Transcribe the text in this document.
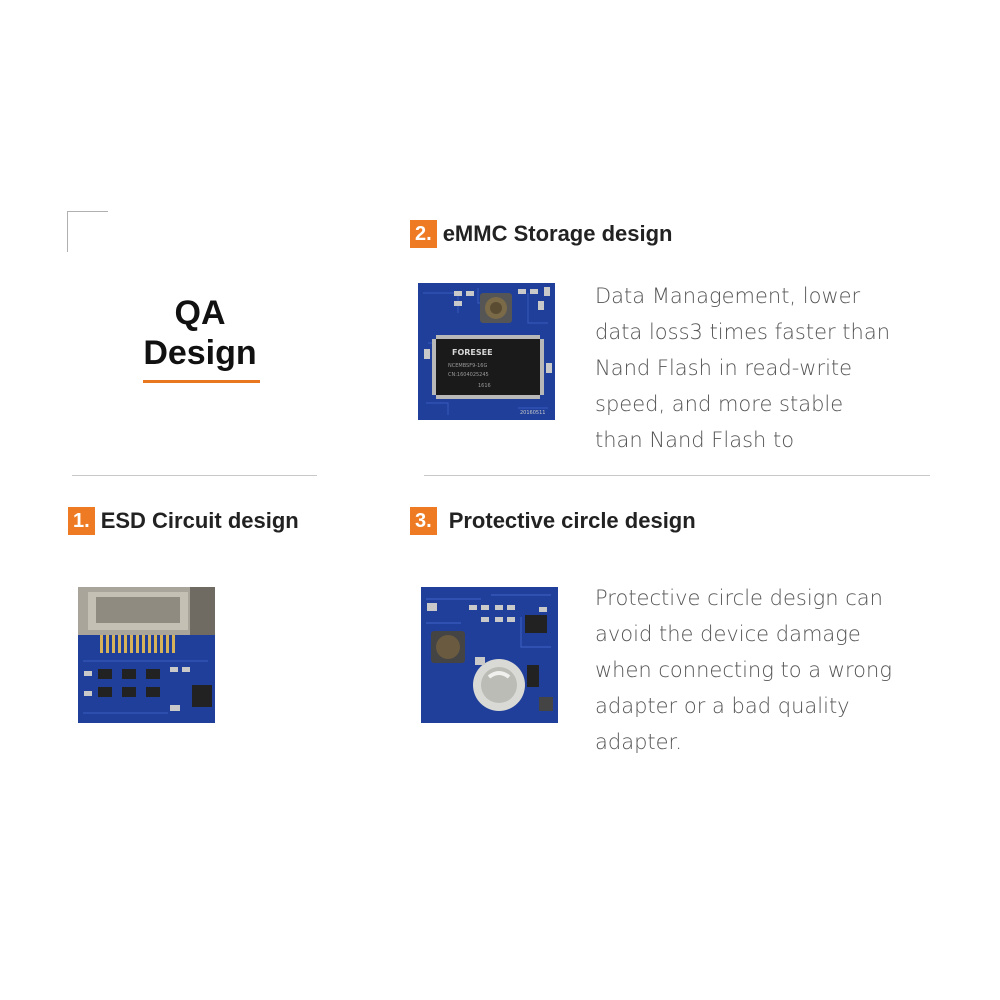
QA
Design
2. eMMC Storage design
1. ESD Circuit design	3. Protective circle design
Data Management, lower
data loss3 times faster than
Nand Flash in read-write
speed, and more stable
than Nand Flash to
Protective circle design can
avoid the device damage
when connecting to a wrong
adapter or a bad quality
adapter.
FORESEE
NCEMBSF9-16G
CN:1604025245
1616
20160511
